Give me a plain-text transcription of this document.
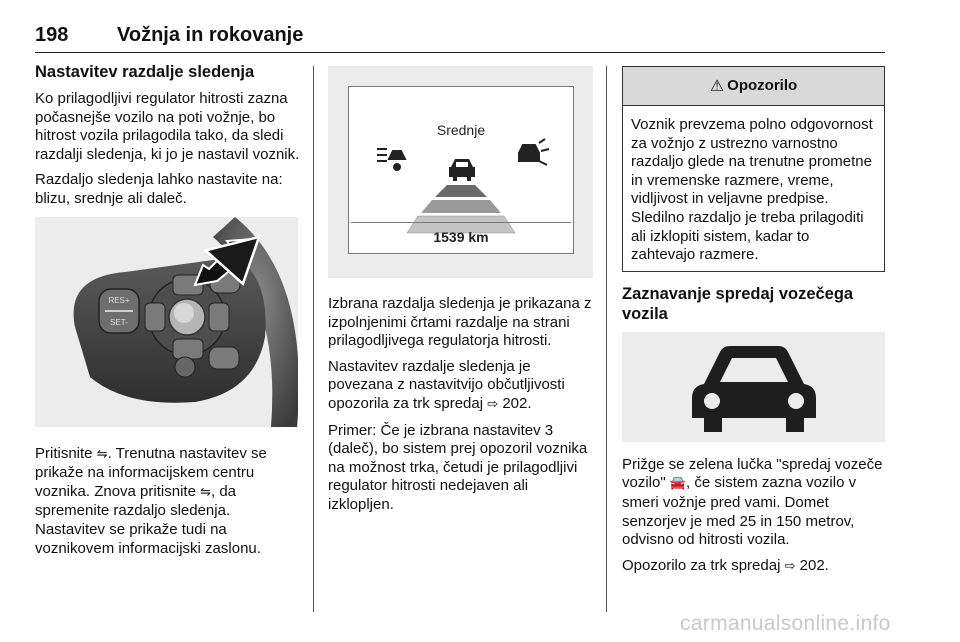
198 Vožnja in rokovanje
Nastavitev razdalje sledenja

Ko prilagodljivi regulator hitrosti zazna počasnejše vozilo na poti vožnje, bo hitrost vozila prilagodila tako, da sledi razdalji sledenja, ki jo je nastavil voznik.

Razdaljo sledenja lahko nastavite na: blizu, srednje ali daleč.

RES+
SET-

Pritisnite ⇋. Trenutna nastavitev se prikaže na informacijskem centru voznika. Znova pritisnite ⇋, da spremenite razdaljo sledenja. Nastavitev se prikaže tudi na voznikovem informacijski zaslonu.

Srednje
1539 km

Izbrana razdalja sledenja je prikazana z izpolnjenimi črtami razdalje na strani prilagodljivega regulatorja hitrosti.

Nastavitev razdalje sledenja je povezana z nastavitvijo občutljivosti opozorila za trk spredaj ⇨ 202.

Primer: Če je izbrana nastavitev 3 (daleč), bo sistem prej opozoril voznika na možnost trka, četudi je prilagodljivi regulator hitrosti nedejaven ali izklopljen.

⚠ Opozorilo
Voznik prevzema polno odgovornost za vožnjo z ustrezno varnostno razdaljo glede na trenutne prometne in vremenske razmere, vreme, vidljivost in veljavne predpise. Sledilno razdaljo je treba prilagoditi ali izklopiti sistem, kadar to zahtevajo razmere.
Zaznavanje spredaj vozečega vozila

Prižge se zelena lučka "spredaj vozeče vozilo" 🚘, če sistem zazna vozilo v smeri vožnje pred vami. Domet senzorjev je med 25 in 150 metrov, odvisno od hitrosti vozila.

Opozorilo za trk spredaj ⇨ 202.

carmanualsonline.info
